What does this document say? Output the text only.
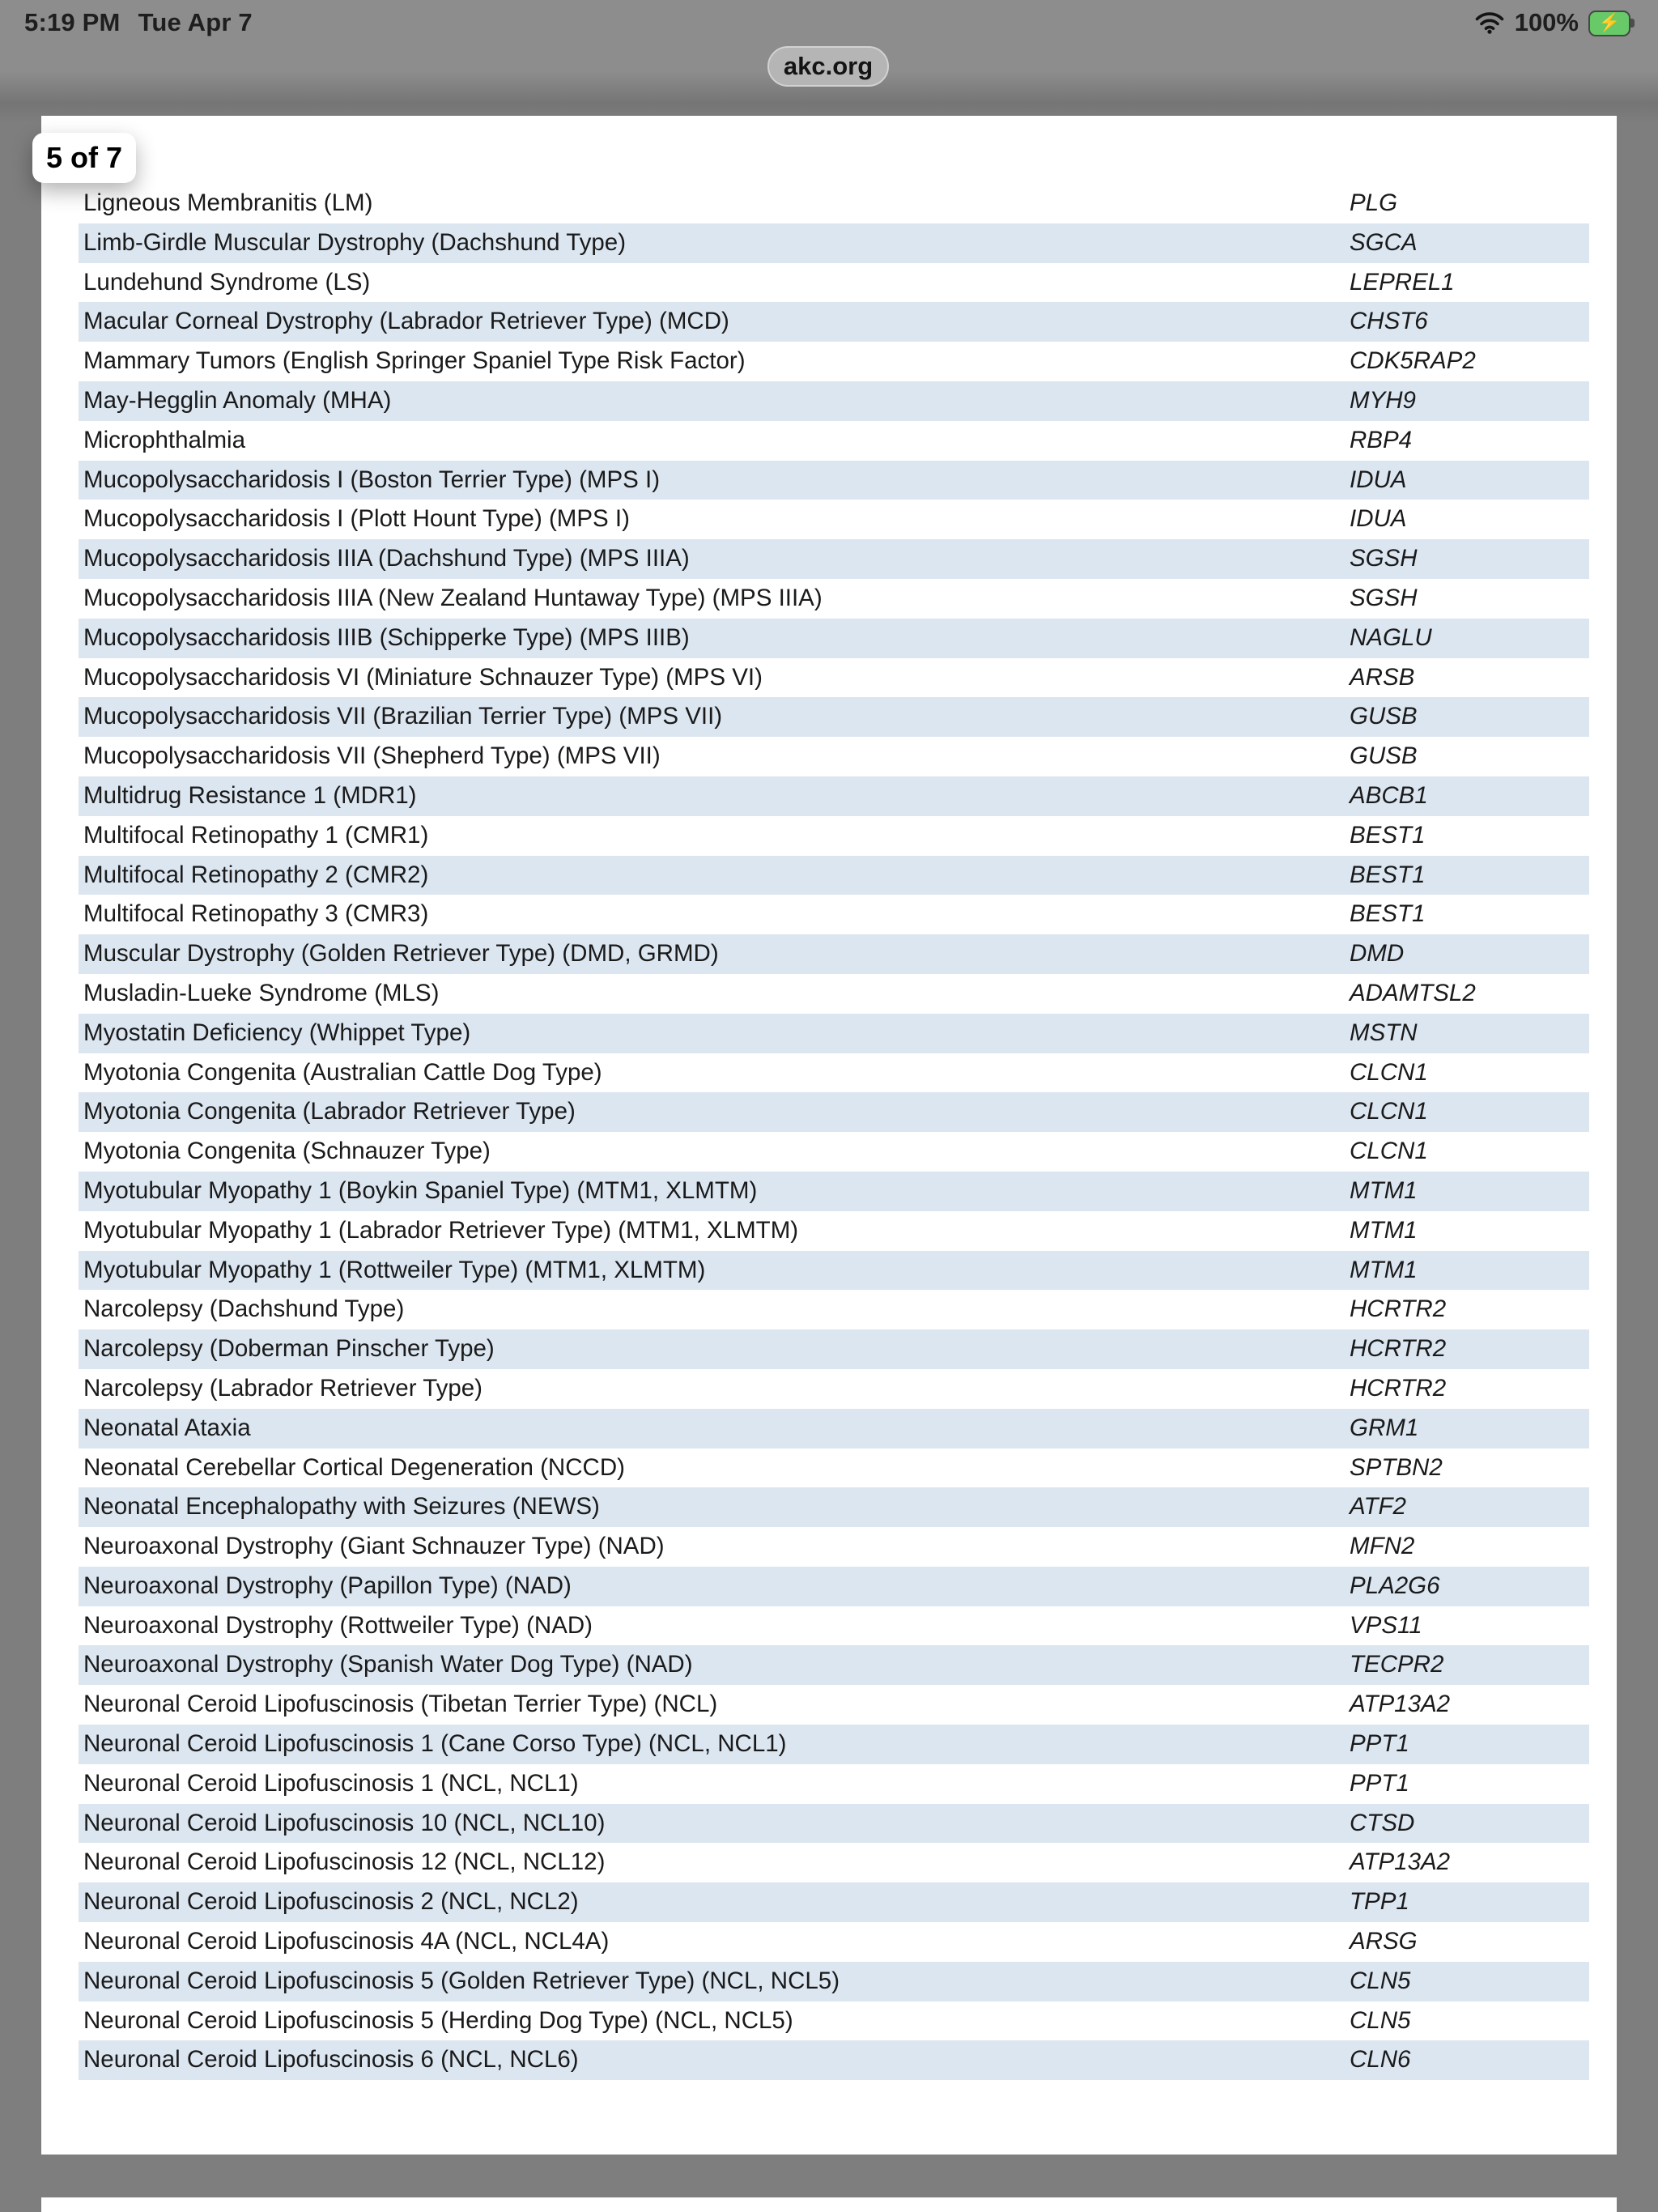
5:19 PM Tue Apr 7	100% ⚡
akc.org
Ligneous Membranitis (LM)	PLG
Limb-Girdle Muscular Dystrophy (Dachshund Type)	SGCA
Lundehund Syndrome (LS)	LEPREL1
Macular Corneal Dystrophy (Labrador Retriever Type) (MCD)	CHST6
Mammary Tumors (English Springer Spaniel Type Risk Factor)	CDK5RAP2
May-Hegglin Anomaly (MHA)	MYH9
Microphthalmia	RBP4
Mucopolysaccharidosis I (Boston Terrier Type) (MPS I)	IDUA
Mucopolysaccharidosis I (Plott Hount Type) (MPS I)	IDUA
Mucopolysaccharidosis IIIA (Dachshund Type) (MPS IIIA)	SGSH
Mucopolysaccharidosis IIIA (New Zealand Huntaway Type) (MPS IIIA)	SGSH
Mucopolysaccharidosis IIIB (Schipperke Type) (MPS IIIB)	NAGLU
Mucopolysaccharidosis VI (Miniature Schnauzer Type) (MPS VI)	ARSB
Mucopolysaccharidosis VII (Brazilian Terrier Type) (MPS VII)	GUSB
Mucopolysaccharidosis VII (Shepherd Type) (MPS VII)	GUSB
Multidrug Resistance 1 (MDR1)	ABCB1
Multifocal Retinopathy 1 (CMR1)	BEST1
Multifocal Retinopathy 2 (CMR2)	BEST1
Multifocal Retinopathy 3 (CMR3)	BEST1
Muscular Dystrophy (Golden Retriever Type) (DMD, GRMD)	DMD
Musladin-Lueke Syndrome (MLS)	ADAMTSL2
Myostatin Deficiency (Whippet Type)	MSTN
Myotonia Congenita (Australian Cattle Dog Type)	CLCN1
Myotonia Congenita (Labrador Retriever Type)	CLCN1
Myotonia Congenita (Schnauzer Type)	CLCN1
Myotubular Myopathy 1 (Boykin Spaniel Type) (MTM1, XLMTM)	MTM1
Myotubular Myopathy 1 (Labrador Retriever Type) (MTM1, XLMTM)	MTM1
Myotubular Myopathy 1 (Rottweiler Type) (MTM1, XLMTM)	MTM1
Narcolepsy (Dachshund Type)	HCRTR2
Narcolepsy (Doberman Pinscher Type)	HCRTR2
Narcolepsy (Labrador Retriever Type)	HCRTR2
Neonatal Ataxia	GRM1
Neonatal Cerebellar Cortical Degeneration (NCCD)	SPTBN2
Neonatal Encephalopathy with Seizures (NEWS)	ATF2
Neuroaxonal Dystrophy (Giant Schnauzer Type) (NAD)	MFN2
Neuroaxonal Dystrophy (Papillon Type) (NAD)	PLA2G6
Neuroaxonal Dystrophy (Rottweiler Type) (NAD)	VPS11
Neuroaxonal Dystrophy (Spanish Water Dog Type) (NAD)	TECPR2
Neuronal Ceroid Lipofuscinosis (Tibetan Terrier Type) (NCL)	ATP13A2
Neuronal Ceroid Lipofuscinosis 1 (Cane Corso Type) (NCL, NCL1)	PPT1
Neuronal Ceroid Lipofuscinosis 1 (NCL, NCL1)	PPT1
Neuronal Ceroid Lipofuscinosis 10 (NCL, NCL10)	CTSD
Neuronal Ceroid Lipofuscinosis 12 (NCL, NCL12)	ATP13A2
Neuronal Ceroid Lipofuscinosis 2 (NCL, NCL2)	TPP1
Neuronal Ceroid Lipofuscinosis 4A (NCL, NCL4A)	ARSG
Neuronal Ceroid Lipofuscinosis 5 (Golden Retriever Type) (NCL, NCL5)	CLN5
Neuronal Ceroid Lipofuscinosis 5 (Herding Dog Type) (NCL, NCL5)	CLN5
Neuronal Ceroid Lipofuscinosis 6 (NCL, NCL6)	CLN6
5 of 7
